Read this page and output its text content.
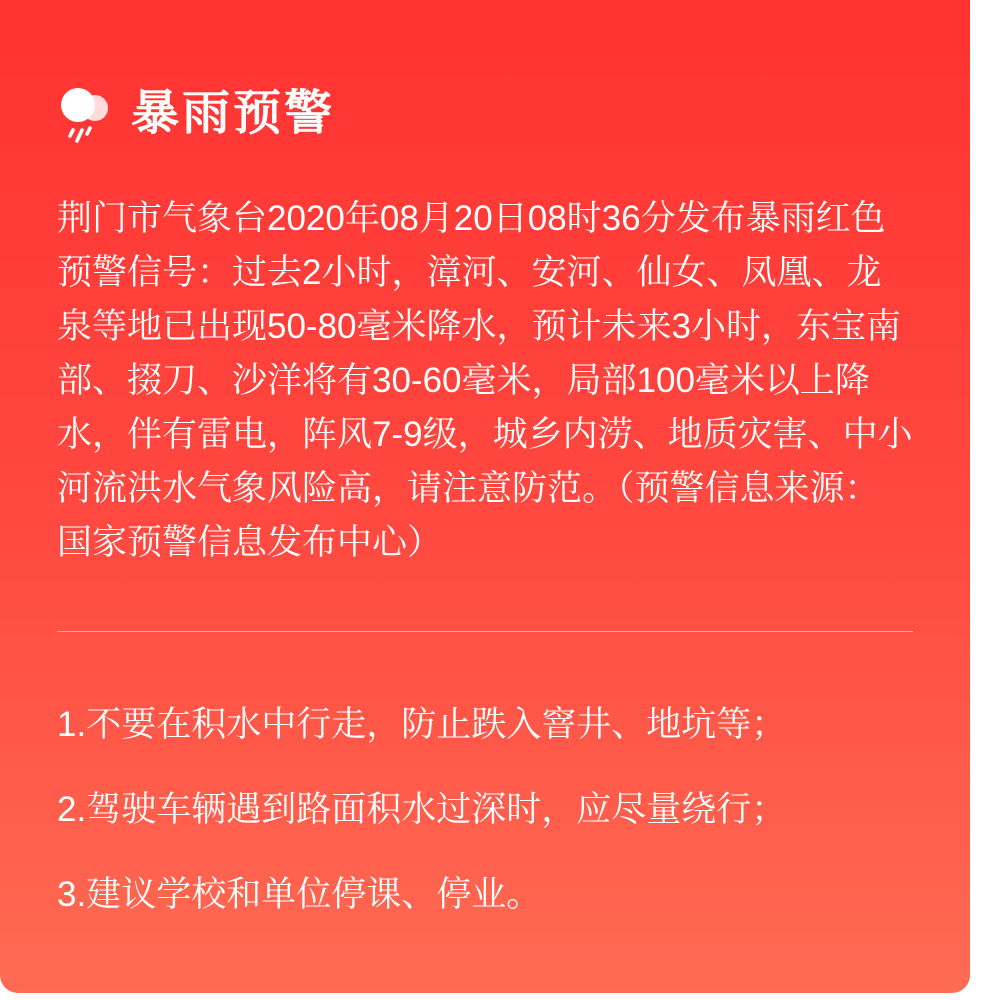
暴雨预警

荆门市气象台2020年08月20日08时36分发布暴雨红色预警信号：过去2小时，漳河、安河、仙女、凤凰、龙泉等地已出现50-80毫米降水，预计未来3小时，东宝南部、掇刀、沙洋将有30-60毫米，局部100毫米以上降水，伴有雷电，阵风7-9级，城乡内涝、地质灾害、中小河流洪水气象风险高，请注意防范。（预警信息来源：国家预警信息发布中心）

1.不要在积水中行走，防止跌入窨井、地坑等；

2.驾驶车辆遇到路面积水过深时，应尽量绕行；

3.建议学校和单位停课、停业。
